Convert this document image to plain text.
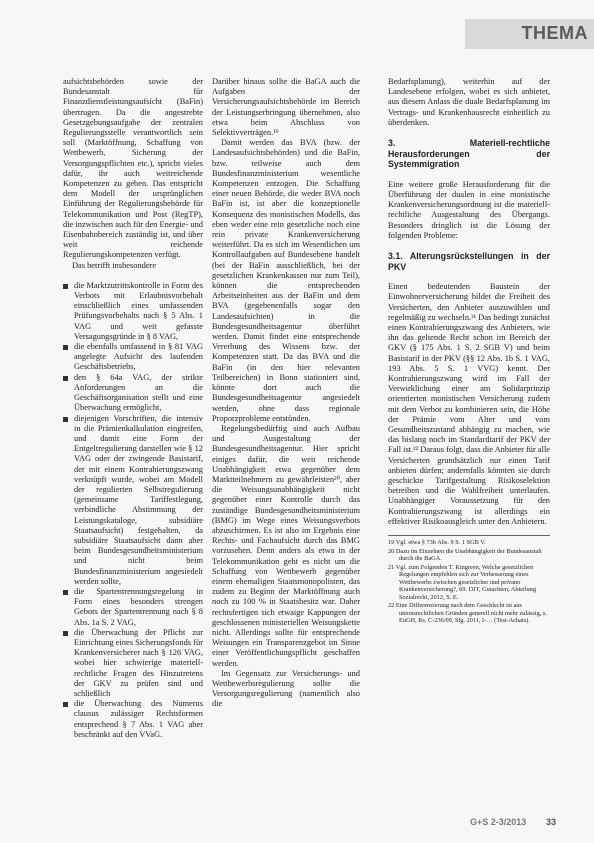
THEMA

aufsichtsbehörden sowie der Bundesanstalt für Finanzdienstleistungsaufsicht (BaFin) übertrugen. Da die angestrebte Gesetzgebungsaufgabe der zentralen Regulierungsstelle verantwortlich sein soll (Marktöffnung, Schaffung von Wettbewerb, Sicherung der Versorgungspflichten etc.), spricht vieles dafür, ihr auch weitreichende Kompetenzen zu geben. Das entspricht dem Modell der ursprünglichen Einführung der Regulierungsbehörde für Telekommunikation und Post (RegTP), die inzwischen auch für den Energie- und Eisenbahnbereich zuständig ist, und über weit reichende Regulierungskompetenzen verfügt.

Das betrifft insbesondere

die Marktzutrittskontrolle in Form des Verbots mit Erlaubnisvorbehalt einschließlich eines umfassenden Prüfungsvorbehalts nach § 5 Abs. 1 VAG und weit gefasste Versagungsgründe in § 8 VAG,
die ebenfalls umfassend in § 81 VAG angelegte Aufsicht des laufenden Geschäftsbetriebs,
den § 64a VAG, der strikte Anforderungen an die Geschäftsorganisation stellt und eine Überwachung ermöglicht,
diejenigen Vorschriften, die intensiv in die Prämienkalkulation eingreifen, und damit eine Form der Entgeltregulierung darstellen wie § 12 VAG oder der zwingende Basistarif, der mit einem Kontrahierungszwang verknüpft wurde, wobei am Modell der regulierten Selbstregulierung (gemeinsame Tariffestlegung, verbindliche Abstimmung der Leistungskataloge, subsidiäre Staatsaufsicht) festgehalten, da subsidiäre Staatsaufsicht dann aber beim Bundesgesundheitsministerium und nicht beim Bundesfinanzministerium angesiedelt werden sollte,
die Spartentrennungsregelung in Form eines besonders strengen Gebots der Spartentrennung nach § 8 Abs. 1a S. 2 VAG,
die Überwachung der Pflicht zur Einrichtung eines Sicherungsfonds für Krankenversicherer nach § 126 VAG, wobei hier schwierige materiell-rechtliche Fragen des Hinzutretens der GKV zu prüfen sind und schließlich
die Überwachung des Numerus clausus zulässiger Rechtsformen entsprechend § 7 Abs. 1 VAG aber beschränkt auf den VVaG.

Darüber hinaus sollte die BaGA auch die Aufgaben der Versicherungsaufsichtsbehörde im Bereich der Leistungserbringung übernehmen, also etwa beim Abschluss von Selektivverträgen.¹⁹

Damit werden das BVA (bzw. der Landesaufsichtsbehörden) und die BaFin, bzw. teilweise auch dem Bundesfinanzministerium wesentliche Kompetenzen entzogen. Die Schaffung einer neuen Behörde, die weder BVA noch BaFin ist, ist aber die konzeptionelle Konsequenz des monistischen Modells, das eben weder eine rein gesetzliche noch eine rein private Krankenversicherung weiterführt. Da es sich im Wesentlichen um Kontrollaufgaben auf Bundesebene handelt (bei der BaFin ausschließlich, bei der gesetzlichen Krankenkassen nur zum Teil), können die entsprechenden Arbeitseinheiten aus der BaFin und dem BVA (gegebenenfalls sogar den Landesaufsichten) in die Bundesgesundheitsagentur überführt werden. Damit findet eine entsprechende Vererbung des Wissens bzw. der Kompetenzen statt. Da das BVA und die BaFin (in den hier relevanten Teilbereichen) in Bonn stationiert sind, könnte dort auch die Bundesgesundheitsagentur angesiedelt werden, ohne dass regionale Proporzprobleme entstünden.

Regelungsbedürftig sind auch Aufbau und Ausgestaltung der Bundesgesundheitsagentur. Hier spricht einiges dafür, die weit reichende Unabhängigkeit etwa gegenüber dem Marktteilnehmern zu gewährleisten²⁰, aber die Weisungsunabhängigkeit nicht gegenüber einer Kontrolle durch das zuständige Bundesgesundheitsministerium (BMG) im Wege eines Weisungsverbots abzuschirmen. Es ist also im Ergebnis eine Rechts- und Fachaufsicht durch das BMG vorzusehen. Denn anders als etwa in der Telekommunikation geht es nicht um die Schaffung von Wettbewerb gegenüber einem ehemaligen Staatsmonopolisten, das zudem zu Beginn der Marktöffnung auch noch zu 100 % in Staatsbesitz war. Daher rechtsfertigen sich etwaige Kappungen der geschlossenen ministeriellen Weisungskette nicht. Allerdings sollte für entsprechende Weisungen ein Transparenzgebot im Sinne einer Veröffentlichungspflicht geschaffen werden.

Im Gegensatz zur Versicherungs- und Wettbewerbsregulierung sollte die Versorgungsregulierung (namentlich also die

Bedarfsplanung), weiterhin auf der Landesebene erfolgen, wobei es sich anbietet, aus diesem Anlass die duale Bedarfsplanung im Vertrags- und Krankenhausrecht einheitlich zu überdenken.

3. Materiell-rechtliche Herausforderungen der Systemmigration

Eine weitere große Herausforderung für die Überführung der dualen in eine monistische Krankenversicherungsordnung ist die materiell-rechtliche Ausgestaltung des Übergangs. Besonders dringlich ist die Lösung der folgenden Probleme:

3.1. Alterungsrückstellungen in der PKV

Einen bedeutenden Baustein der Einwohnerversicherung bildet die Freiheit des Versicherten, den Anbieter auszuwählen und regelmäßig zu wechseln.²¹ Das bedingt zunächst einen Kontrahierungszwang des Anbieters, wie ihn das geltende Recht schon im Bereich der GKV (§ 175 Abs. 1 S. 2 SGB V) und beim Basistarif in der PKV (§§ 12 Abs. 1b S. 1 VAG, 193 Abs. 5 S. 1 VVG) kennt. Der Kontrahierungszwang wird im Fall der Verwirklichung einer am Solidarprinzip orientierten monistischen Versicherung zudem mit dem Verbot zu kombinieren sein, die Höhe der Prämie vom Alter und vom Gesundheitszustand abhängig zu machen, wie das bislang noch im Standardtarif der PKV der Fall ist.²² Daraus folgt, dass die Anbieter für alle Versicherten grundsätzlich nur einen Tarif anbieten dürfen; andernfalls könnten sie durch geschickte Tarifgestaltung Risikoselektion betreiben und die Wahlfreiheit unterlaufen. Unabhängiger Voraussetzung für den Kontrahierungszwang ist allerdings ein effektiver Risikoausgleich unter den Anbietern.

19 Vgl. etwa § 73b Abs. 9 S. 1 SGB V.

20 Dazu im Einzelnen die Unabhängigkeit der Bundesanstalt durch die BaGA.

21 Vgl. zum Folgenden T. Kingreen, Welche gesetzlichen Regelungen empfehlen sich zur Verbesserung eines Wettbewerbs zwischen gesetzlicher und privater Krankenversicherung?, 69. DJT, Gutachten, Abteilung Sozialrecht, 2012, S. E.

22 Eine Differenzierung nach dem Geschlecht ist aus unionsrechtlichen Gründen generell nicht mehr zulässig, s. EuGH, Rs. C-236/09, Slg. 2011, I-… (Test-Achats).

G+S 2-3/2013 33
